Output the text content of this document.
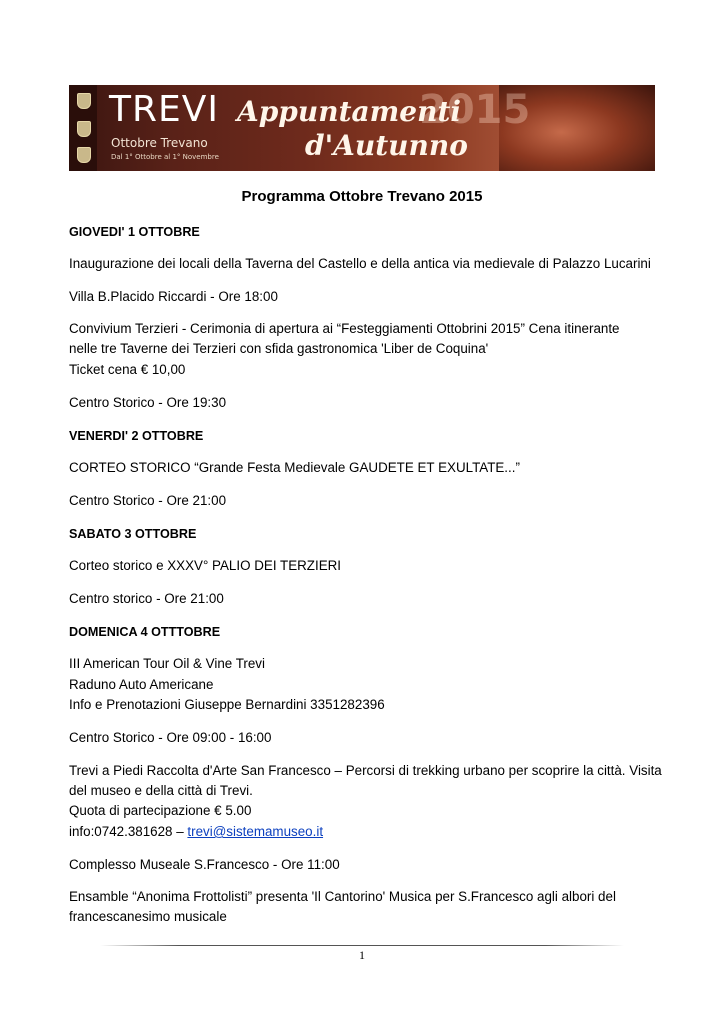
TREVI
Ottobre Trevano
Dal 1° Ottobre al 1° Novembre
2015
Appuntamenti
d'Autunno
Programma Ottobre Trevano 2015
GIOVEDI' 1 OTTOBRE
Inaugurazione dei locali della Taverna del Castello e della antica via medievale di Palazzo Lucarini
Villa B.Placido Riccardi - Ore 18:00
Convivium Terzieri - Cerimonia di apertura ai “Festeggiamenti Ottobrini 2015” Cena itinerante
nelle tre Taverne dei Terzieri con sfida gastronomica 'Liber de Coquina'
Ticket cena € 10,00
Centro Storico - Ore 19:30
VENERDI' 2 OTTOBRE
CORTEO STORICO “Grande Festa Medievale GAUDETE ET EXULTATE...”
Centro Storico - Ore 21:00
SABATO 3 OTTOBRE
Corteo storico e XXXV° PALIO DEI TERZIERI
Centro storico - Ore 21:00
DOMENICA 4 OTTTOBRE
III American Tour Oil & Vine Trevi
Raduno Auto Americane
Info e Prenotazioni Giuseppe Bernardini 3351282396
Centro Storico - Ore 09:00 - 16:00
Trevi a Piedi Raccolta d'Arte San Francesco – Percorsi di trekking urbano per scoprire la città. Visita
del museo e della città di Trevi.
Quota di partecipazione € 5.00
info:0742.381628 – trevi@sistemamuseo.it
Complesso Museale S.Francesco - Ore 11:00
Ensamble “Anonima Frottolisti” presenta 'Il Cantorino' Musica per S.Francesco agli albori del
francescanesimo musicale
1
